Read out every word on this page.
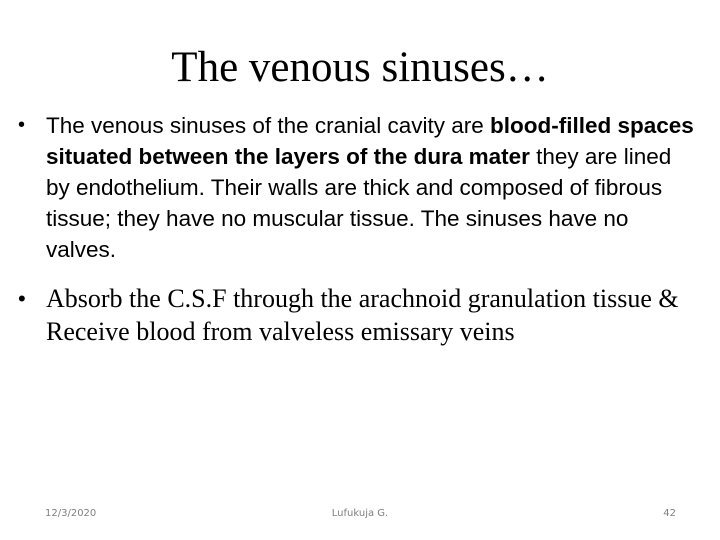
The venous sinuses…
• The venous sinuses of the cranial cavity are blood-filled spaces situated between the layers of the dura mater they are lined by endothelium. Their walls are thick and composed of fibrous tissue; they have no muscular tissue. The sinuses have no valves.
• Absorb the C.S.F through the arachnoid granulation tissue & Receive blood from valveless emissary veins
12/3/2020	Lufukuja G.	42
